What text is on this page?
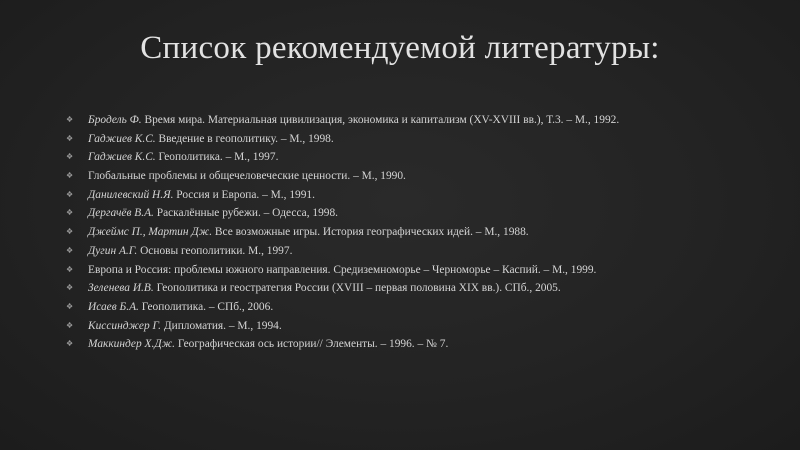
Список рекомендуемой литературы:
❖ Бродель Ф. Время мира. Материальная цивилизация, экономика и капитализм (XV-XVIII вв.), Т.3. – М., 1992.
❖ Гаджиев К.С. Введение в геополитику. – М., 1998.
❖ Гаджиев К.С. Геополитика. – М., 1997.
❖ Глобальные проблемы и общечеловеческие ценности. – М., 1990.
❖ Данилевский Н.Я. Россия и Европа. – М., 1991.
❖ Дергачёв В.А. Раскалённые рубежи. – Одесса, 1998.
❖ Джеймс П., Мартин Дж. Все возможные игры. История географических идей. – М., 1988.
❖ Дугин А.Г. Основы геополитики. М., 1997.
❖ Европа и Россия: проблемы южного направления. Средиземноморье – Черноморье – Каспий. – М., 1999.
❖ Зеленева И.В. Геополитика и геостратегия России (XVIII – первая половина XIX вв.). СПб., 2005.
❖ Исаев Б.А. Геополитика. – СПб., 2006.
❖ Киссинджер Г. Дипломатия. – М., 1994.
❖ Маккиндер Х.Дж. Географическая ось истории// Элементы. – 1996. – № 7.
